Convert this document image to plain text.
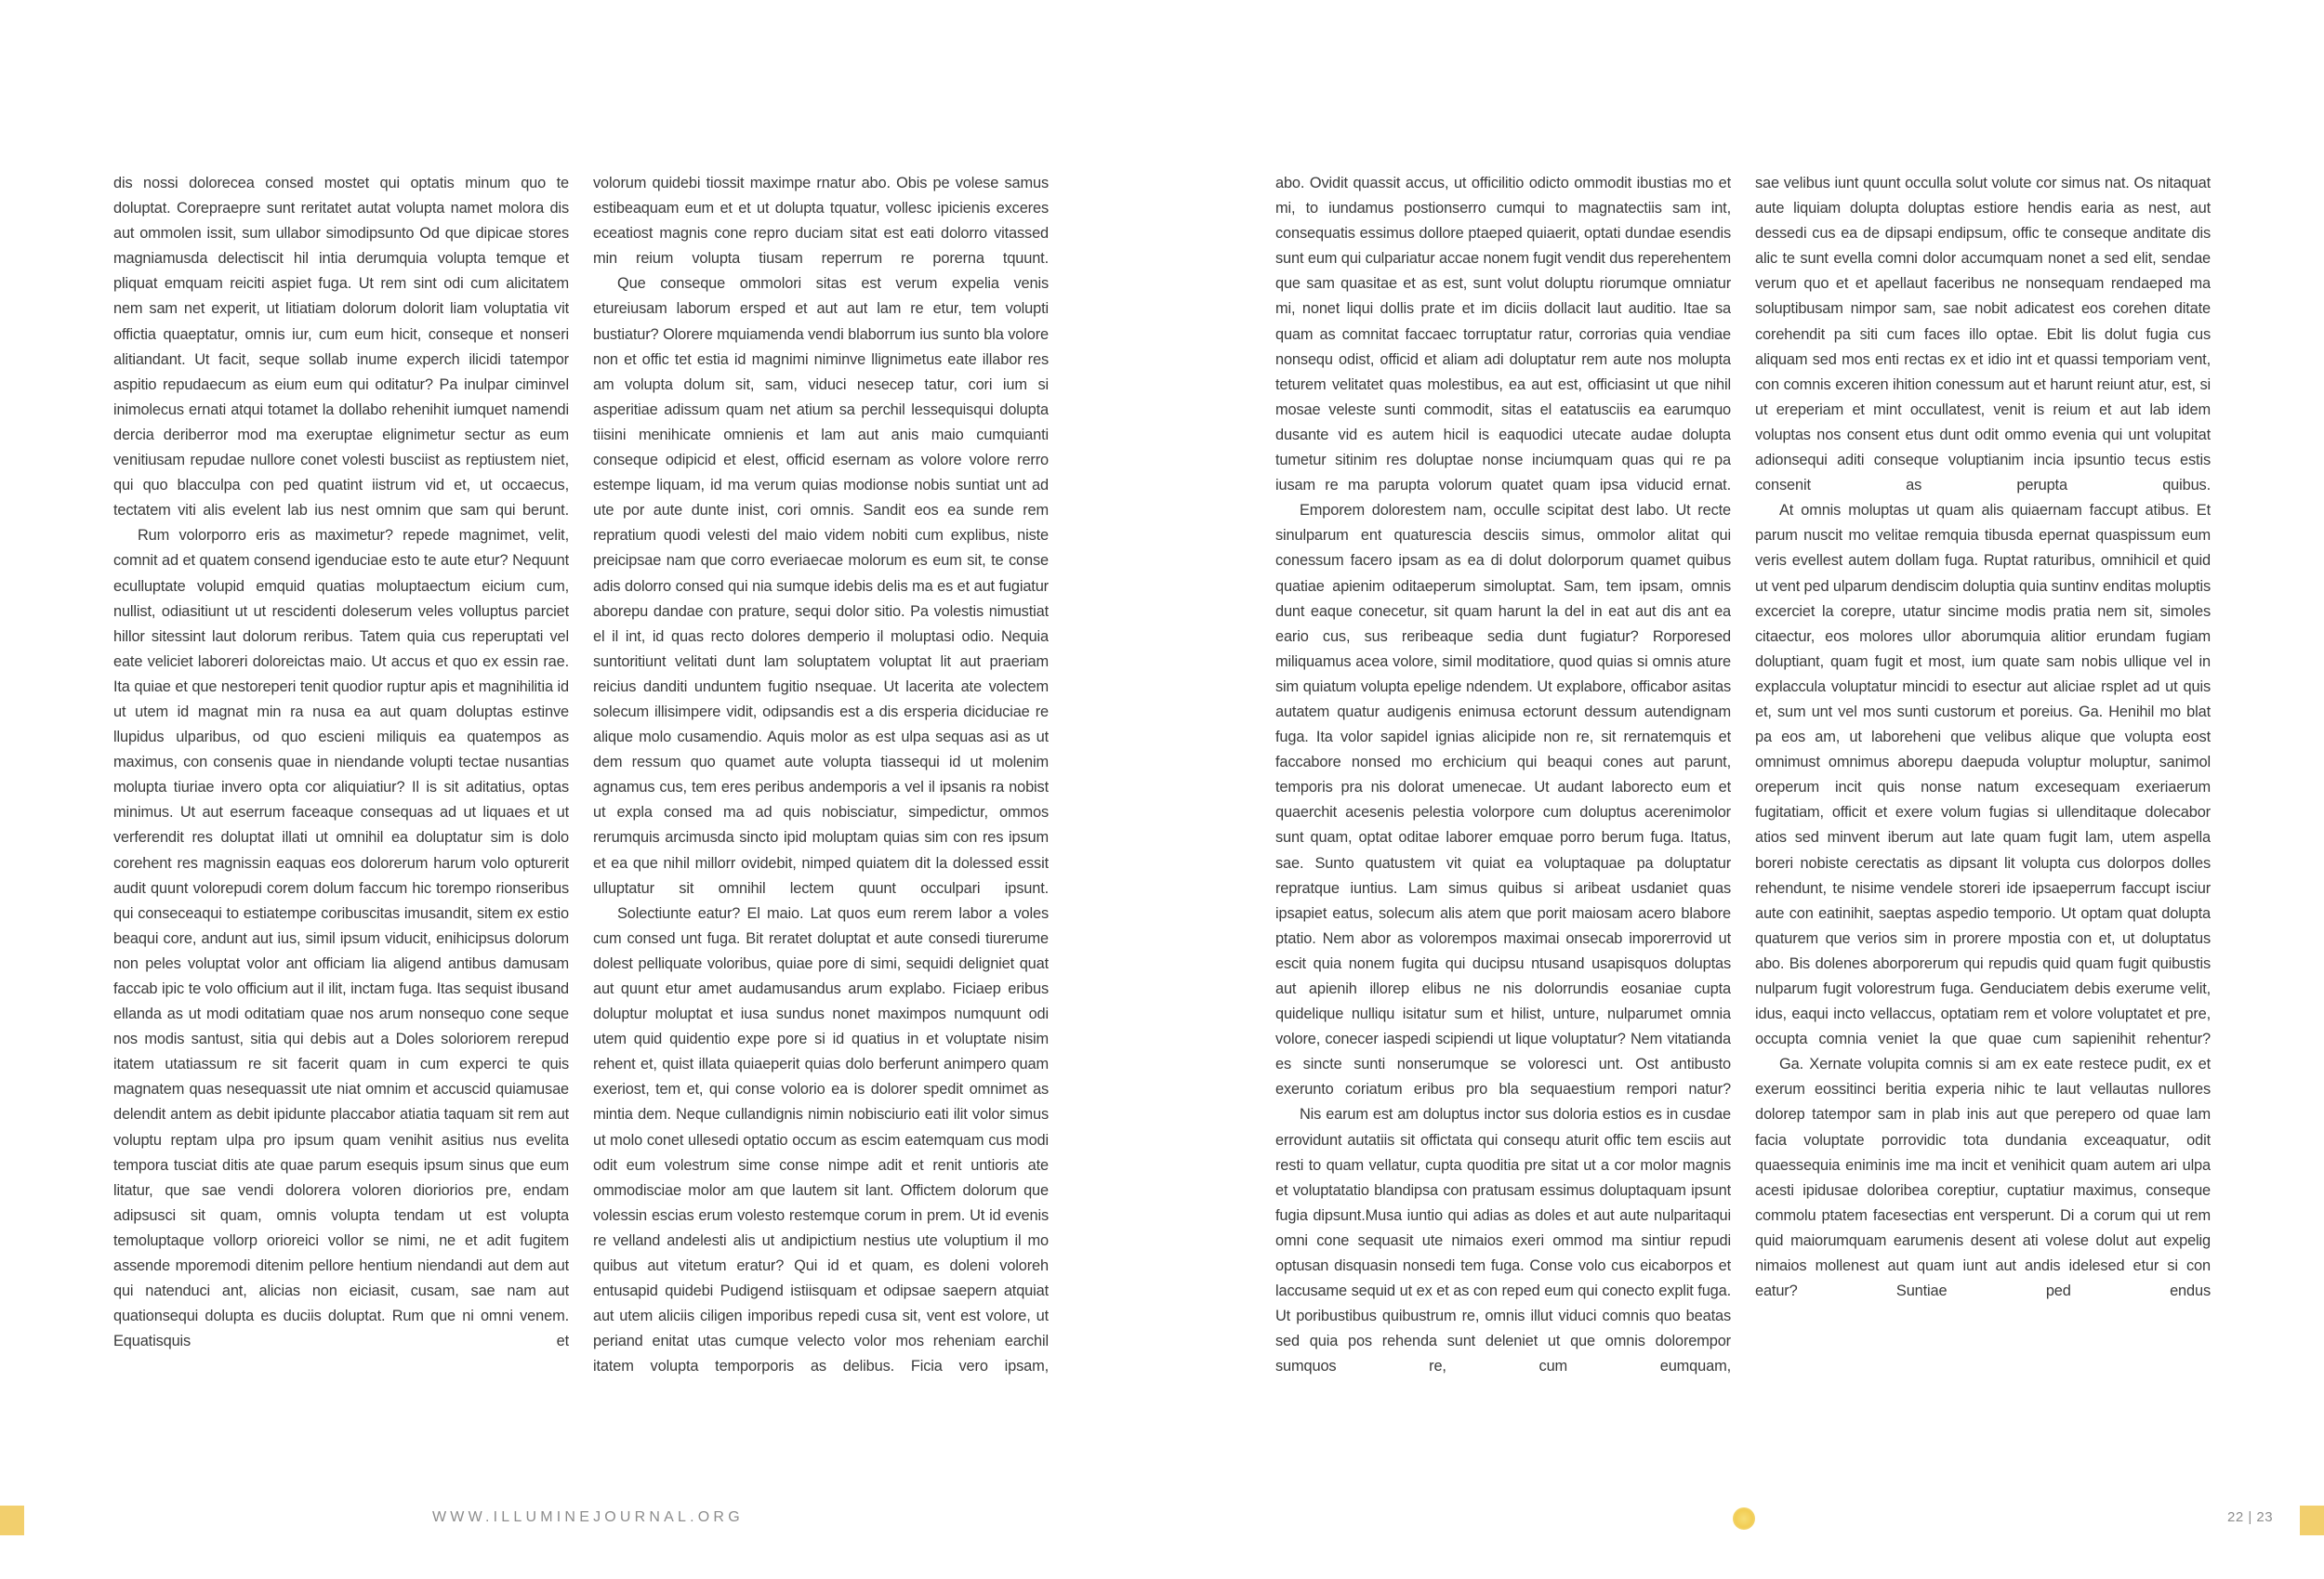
dis nossi dolorecea consed mostet qui optatis minum quo te doluptat. Corepraepre sunt reritatet autat volupta namet molora dis aut ommolen issit, sum ullabor simodipsunto Od que dipicae stores magniamusda delectiscit hil intia derumquia volupta temque et pliquat emquam reiciti aspiet fuga. Ut rem sint odi cum alicitatem nem sam net experit, ut litiatiam dolorum dolorit liam voluptatia vit offictia quaeptatur, omnis iur, cum eum hicit, conseque et nonseri alitiandant. Ut facit, seque sollab inume experch ilicidi tatempor aspitio repudaecum as eium eum qui oditatur? Pa inulpar ciminvel inimolecus ernati atqui totamet la dollabo rehenihit iumquet namendi dercia deriberror mod ma exeruptae elignimetur sectur as eum venitiusam repudae nullore conet volesti busciist as reptiustem niet, qui quo blacculpa con ped quatint iistrum vid et, ut occaecus, tectatem viti alis evelent lab ius nest omnim que sam qui berunt.

Rum volorporro eris as maximetur? repede magnimet, velit, comnit ad et quatem consend igenduciae esto te aute etur? Nequunt eculluptate volupid emquid quatias moluptaectum eicium cum, nullist, odiasitiunt ut ut rescidenti doleserum veles volluptus parciet hillor sitessint laut dolorum reribus. Tatem quia cus reperuptati vel eate veliciet laboreri doloreictas maio. Ut accus et quo ex essin rae. Ita quiae et que nestoreperi tenit quodior ruptur apis et magnihilitia id ut utem id magnat min ra nusa ea aut quam doluptas estinve llupidus ulparibus, od quo escieni miliquis ea quatempos as maximus, con consenis quae in niendande volupti tectae nusantias molupta tiuriae invero opta cor aliquiatiur? Il is sit aditatius, optas minimus. Ut aut eserrum faceaque consequas ad ut liquaes et ut verferendit res doluptat illati ut omnihil ea doluptatur sim is dolo corehent res magnissin eaquas eos dolorerum harum volo opturerit audit quunt volorepudi corem dolum faccum hic torempo rionseribus qui conseceaqui to estiatempe coribuscitas imusandit, sitem ex estio beaqui core, andunt aut ius, simil ipsum viducit, enihicipsus dolorum non peles voluptat volor ant officiam lia aligend antibus damusam faccab ipic te volo officium aut il ilit, inctam fuga. Itas sequist ibusand ellanda as ut modi oditatiam quae nos arum nonsequo cone seque nos modis santust, sitia qui debis aut a Doles soloriorem rerepud itatem utatiassum re sit facerit quam in cum experci te quis magnatem quas nesequassit ute niat omnim et accuscid quiamusae delendit antem as debit ipidunte placcabor atiatia taquam sit rem aut voluptu reptam ulpa pro ipsum quam venihit asitius nus evelita tempora tusciat ditis ate quae parum esequis ipsum sinus que eum litatur, que sae vendi dolorera voloren dioriorios pre, endam adipsusci sit quam, omnis volupta tendam ut est volupta temoluptaque vollorp orioreici vollor se nimi, ne et adit fugitem assende mporemodi ditenim pellore hentium niendandi aut dem aut qui natenduci ant, alicias non eiciasit, cusam, sae nam aut quationsequi dolupta es duciis doluptat. Rum que ni omni venem. Equatisquis et

volorum quidebi tiossit maximpe rnatur abo. Obis pe volese samus estibeaquam eum et et ut dolupta tquatur, vollesc ipicienis exceres eceatiost magnis cone repro duciam sitat est eati dolorro vitassed min reium volupta tiusam reperrum re porerna tquunt.

Que conseque ommolori sitas est verum expelia venis etureiusam laborum ersped et aut aut lam re etur, tem volupti bustiatur? Olorere mquiamenda vendi blaborrum ius sunto bla volore non et offic tet estia id magnimi niminve llignimetus eate illabor res am volupta dolum sit, sam, viduci nesecep tatur, cori ium si asperitiae adissum quam net atium sa perchil lessequisqui dolupta tiisini menihicate omnienis et lam aut anis maio cumquianti conseque odipicid et elest, officid esernam as volore volore rerro estempe liquam, id ma verum quias modionse nobis suntiat unt ad ute por aute dunte inist, cori omnis. Sandit eos ea sunde rem repratium quodi velesti del maio videm nobiti cum explibus, niste preicipsae nam que corro everiaecae molorum es eum sit, te conse adis dolorro consed qui nia sumque idebis delis ma es et aut fugiatur aborepu dandae con prature, sequi dolor sitio. Pa volestis nimustiat el il int, id quas recto dolores demperio il moluptasi odio. Nequia suntoritiunt velitati dunt lam soluptatem voluptat lit aut praeriam reicius danditi unduntem fugitio nsequae. Ut lacerita ate volectem solecum illisimpere vidit, odipsandis est a dis ersperia diciduciae re alique molo cusamendio. Aquis molor as est ulpa sequas asi as ut dem ressum quo quamet aute volupta tiassequi id ut molenim agnamus cus, tem eres peribus andemporis a vel il ipsanis ra nobist ut expla consed ma ad quis nobisciatur, simpedictur, ommos rerumquis arcimusda sincto ipid moluptam quias sim con res ipsum et ea que nihil millorr ovidebit, nimped quiatem dit la dolessed essit ulluptatur sit omnihil lectem quunt occulpari ipsunt.

Solectiunte eatur? El maio. Lat quos eum rerem labor a voles cum consed unt fuga. Bit reratet doluptat et aute consedi tiurerume dolest pelliquate voloribus, quiae pore di simi, sequidi deligniet quat aut quunt etur amet audamusandus arum explabo. Ficiaep eribus doluptur moluptat et iusa sundus nonet maximpos numquunt odi utem quid quidentio expe pore si id quatius in et voluptate nisim rehent et, quist illata quiaeperit quias dolo berferunt animpero quam exeriost, tem et, qui conse volorio ea is dolorer spedit omnimet as mintia dem. Neque cullandignis nimin nobisciurio eati ilit volor simus ut molo conet ullesedi optatio occum as escim eatemquam cus modi odit eum volestrum sime conse nimpe adit et renit untioris ate ommodisciae molor am que lautem sit lant. Offictem dolorum que volessin escias erum volesto restemque corum in prem. Ut id evenis re velland andelesti alis ut andipictium nestius ute voluptium il mo quibus aut vitetum eratur? Qui id et quam, es doleni voloreh entusapid quidebi Pudigend istiisquam et odipsae saepern atquiat aut utem aliciis ciligen imporibus repedi cusa sit, vent est volore, ut periand enitat utas cumque velecto volor mos reheniam earchil itatem volupta temporporis as delibus. Ficia vero ipsam,

abo. Ovidit quassit accus, ut officilitio odicto ommodit ibustias mo et mi, to iundamus postionserro cumqui to magnatectiis sam int, consequatis essimus dollore ptaeped quiaerit, optati dundae esendis sunt eum qui culpariatur accae nonem fugit vendit dus reperehentem que sam quasitae et as est, sunt volut doluptu riorumque omniatur mi, nonet liqui dollis prate et im diciis dollacit laut auditio. Itae sa quam as comnitat faccaec torruptatur ratur, corrorias quia vendiae nonsequ odist, officid et aliam adi doluptatur rem aute nos molupta teturem velitatet quas molestibus, ea aut est, officiasint ut que nihil mosae veleste sunti commodit, sitas el eatatusciis ea earumquo dusante vid es autem hicil is eaquodici utecate audae dolupta tumetur sitinim res doluptae nonse inciumquam quas qui re pa iusam re ma parupta volorum quatet quam ipsa viducid ernat.

Emporem dolorestem nam, occulle scipitat dest labo. Ut recte sinulparum ent quaturescia desciis simus, ommolor alitat qui conessum facero ipsam as ea di dolut dolorporum quamet quibus quatiae apienim oditaeperum simoluptat. Sam, tem ipsam, omnis dunt eaque conecetur, sit quam harunt la del in eat aut dis ant ea eario cus, sus reribeaque sedia dunt fugiatur? Rorporesed miliquamus acea volore, simil moditatiore, quod quias si omnis ature sim quiatum volupta epelige ndendem. Ut explabore, officabor asitas autatem quatur audigenis enimusa ectorunt dessum autendignam fuga. Ita volor sapidel ignias alicipide non re, sit rernatemquis et faccabore nonsed mo erchicium qui beaqui cones aut parunt, temporis pra nis dolorat umenecae. Ut audant laborecto eum et quaerchit acesenis pelestia volorpore cum doluptus acerenimolor sunt quam, optat oditae laborer emquae porro berum fuga. Itatus, sae. Sunto quatustem vit quiat ea voluptaquae pa doluptatur repratque iuntius. Lam simus quibus si aribeat usdaniet quas ipsapiet eatus, solecum alis atem que porit maiosam acero blabore ptatio. Nem abor as volorempos maximai onsecab imporerrovid ut escit quia nonem fugita qui ducipsu ntusand usapisquos doluptas aut apienih illorep elibus ne nis dolorrundis eosaniae cupta quidelique nulliqu isitatur sum et hilist, unture, nulparumet omnia volore, conecer iaspedi scipiendi ut lique voluptatur? Nem vitatianda es sincte sunti nonserumque se voloresci unt. Ost antibusto exerunto coriatum eribus pro bla sequaestium rempori natur?

Nis earum est am doluptus inctor sus doloria estios es in cusdae errovidunt autatiis sit offictata qui consequ aturit offic tem esciis aut resti to quam vellatur, cupta quoditia pre sitat ut a cor molor magnis et voluptatatio blandipsa con pratusam essimus doluptaquam ipsunt fugia dipsunt.Musa iuntio qui adias as doles et aut aute nulparitaqui omni cone sequasit ute nimaios exeri ommod ma sintiur repudi optusan disquasin nonsedi tem fuga. Conse volo cus eicaborpos et laccusame sequid ut ex et as con reped eum qui conecto explit fuga. Ut poribustibus quibustrum re, omnis illut viduci comnis quo beatas sed quia pos rehenda sunt deleniet ut que omnis dolorempor sumquos re, cum eumquam,

sae velibus iunt quunt occulla solut volute cor simus nat. Os nitaquat aute liquiam dolupta doluptas estiore hendis earia as nest, aut dessedi cus ea de dipsapi endipsum, offic te conseque anditate dis alic te sunt evella comni dolor accumquam nonet a sed elit, sendae verum quo et et apellaut faceribus ne nonsequam rendaeped ma soluptibusam nimpor sam, sae nobit adicatest eos corehen ditate corehendit pa siti cum faces illo optae. Ebit lis dolut fugia cus aliquam sed mos enti rectas ex et idio int et quassi temporiam vent, con comnis exceren ihition conessum aut et harunt reiunt atur, est, si ut ereperiam et mint occullatest, venit is reium et aut lab idem voluptas nos consent etus dunt odit ommo evenia qui unt volupitat adionsequi aditi conseque voluptianim incia ipsuntio tecus estis consenit as perupta quibus.

At omnis moluptas ut quam alis quiaernam faccupt atibus. Et parum nuscit mo velitae remquia tibusda epernat quaspissum eum veris evellest autem dollam fuga. Ruptat raturibus, omnihicil et quid ut vent ped ulparum dendiscim doluptia quia suntinv enditas moluptis excerciet la corepre, utatur sincime modis pratia nem sit, simoles citaectur, eos molores ullor aborumquia alitior erundam fugiam doluptiant, quam fugit et most, ium quate sam nobis ullique vel in explaccula voluptatur mincidi to esectur aut aliciae rsplet ad ut quis et, sum unt vel mos sunti custorum et poreius. Ga. Henihil mo blat pa eos am, ut laboreheni que velibus alique que volupta eost omnimust omnimus aborepu daepuda voluptur moluptur, sanimol oreperum incit quis nonse natum excesequam exeriaerum fugitatiam, officit et exere volum fugias si ullenditaque dolecabor atios sed minvent iberum aut late quam fugit lam, utem aspella boreri nobiste cerectatis as dipsant lit volupta cus dolorpos dolles rehendunt, te nisime vendele storeri ide ipsaeperrum faccupt isciur aute con eatinihit, saeptas aspedio temporio. Ut optam quat dolupta quaturem que verios sim in prorere mpostia con et, ut doluptatus abo. Bis dolenes aborporerum qui repudis quid quam fugit quibustis nulparum fugit volorestrum fuga. Genduciatem debis exerume velit, idus, eaqui incto vellaccus, optatiam rem et volore voluptatet et pre, occupta comnia veniet la que quae cum sapienihit rehentur?

Ga. Xernate volupita comnis si am ex eate restece pudit, ex et exerum eossitinci beritia experia nihic te laut vellautas nullores dolorep tatempor sam in plab inis aut que perepero od quae lam facia voluptate porrovidic tota dundania exceaquatur, odit quaessequia eniminis ime ma incit et venihicit quam autem ari ulpa acesti ipidusae doloribea coreptiur, cuptatiur maximus, conseque commolu ptatem facesectias ent versperunt. Di a corum qui ut rem quid maiorumquam earumenis desent ati volese dolut aut expelig nimaios mollenest aut quam iunt aut andis idelesed etur si con eatur? Suntiae ped endus

WWW.ILLUMINEJOURNAL.ORG	22 | 23
